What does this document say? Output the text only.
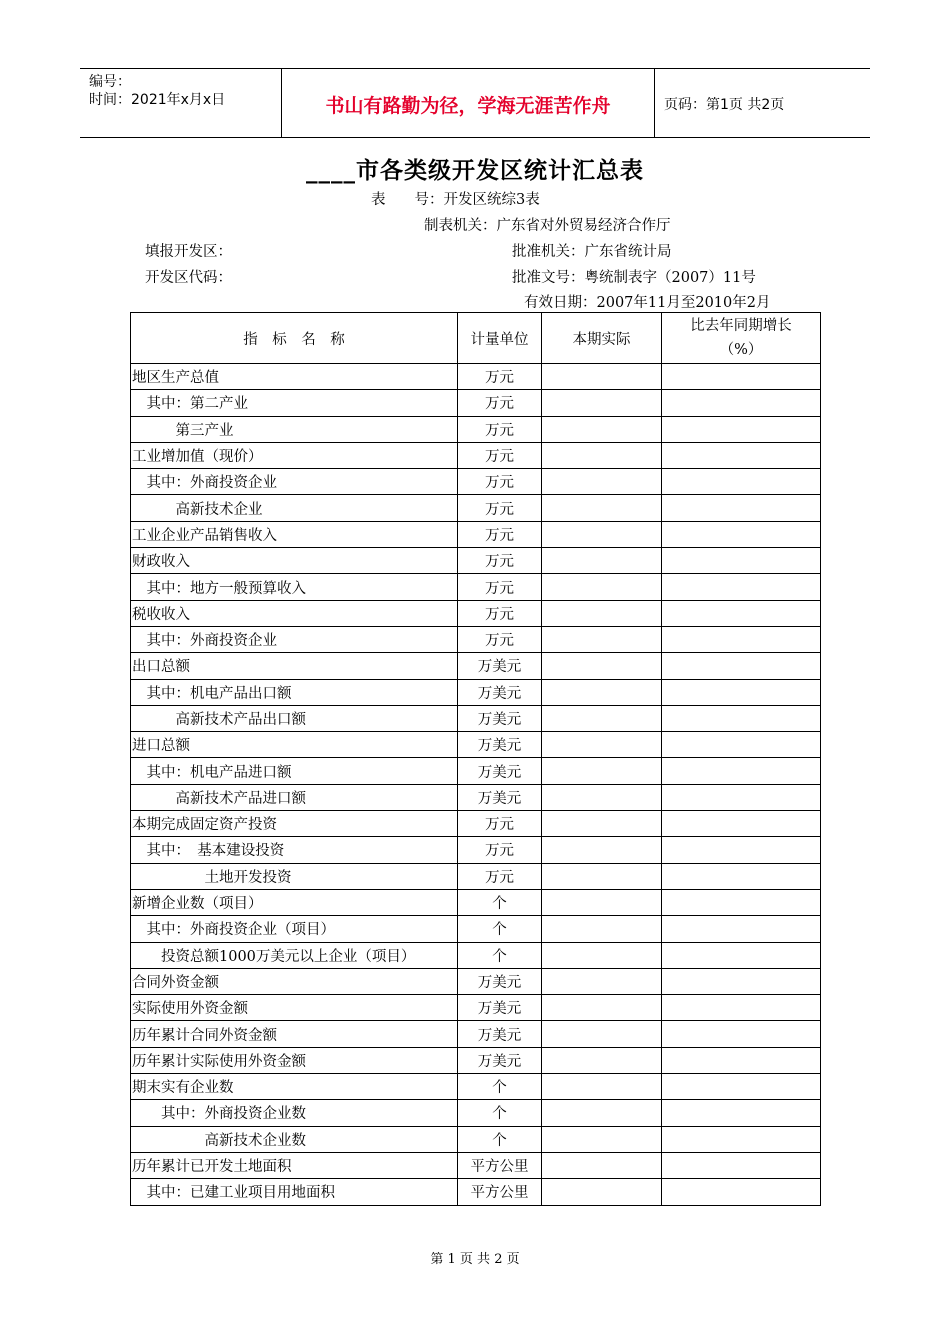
编号：
时间：2021年x月x日	书山有路勤为径，学海无涯苦作舟	页码：第1页 共2页
____市各类级开发区统计汇总表
表　　号：开发区统综3表
制表机关：广东省对外贸易经济合作厅
填报开发区：	批准机关：广东省统计局
开发区代码：	批准文号：粤统制表字（2007）11号
有效日期：2007年11月至2010年2月
指　标　名　称	计量单位	本期实际	比去年同期增长（%）
地区生产总值	万元		
　其中：第二产业	万元		
　　　第三产业	万元		
工业增加值（现价）	万元		
　其中：外商投资企业	万元		
　　　高新技术企业	万元		
工业企业产品销售收入	万元		
财政收入	万元		
　其中：地方一般预算收入	万元		
税收收入	万元		
　其中：外商投资企业	万元		
出口总额	万美元		
　其中：机电产品出口额	万美元		
　　　高新技术产品出口额	万美元		
进口总额	万美元		
　其中：机电产品进口额	万美元		
　　　高新技术产品进口额	万美元		
本期完成固定资产投资	万元		
　其中：　基本建设投资	万元		
　　　　　土地开发投资	万元		
新增企业数（项目）	个		
　其中：外商投资企业（项目）	个		
　　投资总额1000万美元以上企业（项目）	个		
合同外资金额	万美元		
实际使用外资金额	万美元		
历年累计合同外资金额	万美元		
历年累计实际使用外资金额	万美元		
期末实有企业数	个		
　　其中：外商投资企业数	个		
　　　　　高新技术企业数	个		
历年累计已开发土地面积	平方公里		
　其中：已建工业项目用地面积	平方公里		
第 1 页 共 2 页
